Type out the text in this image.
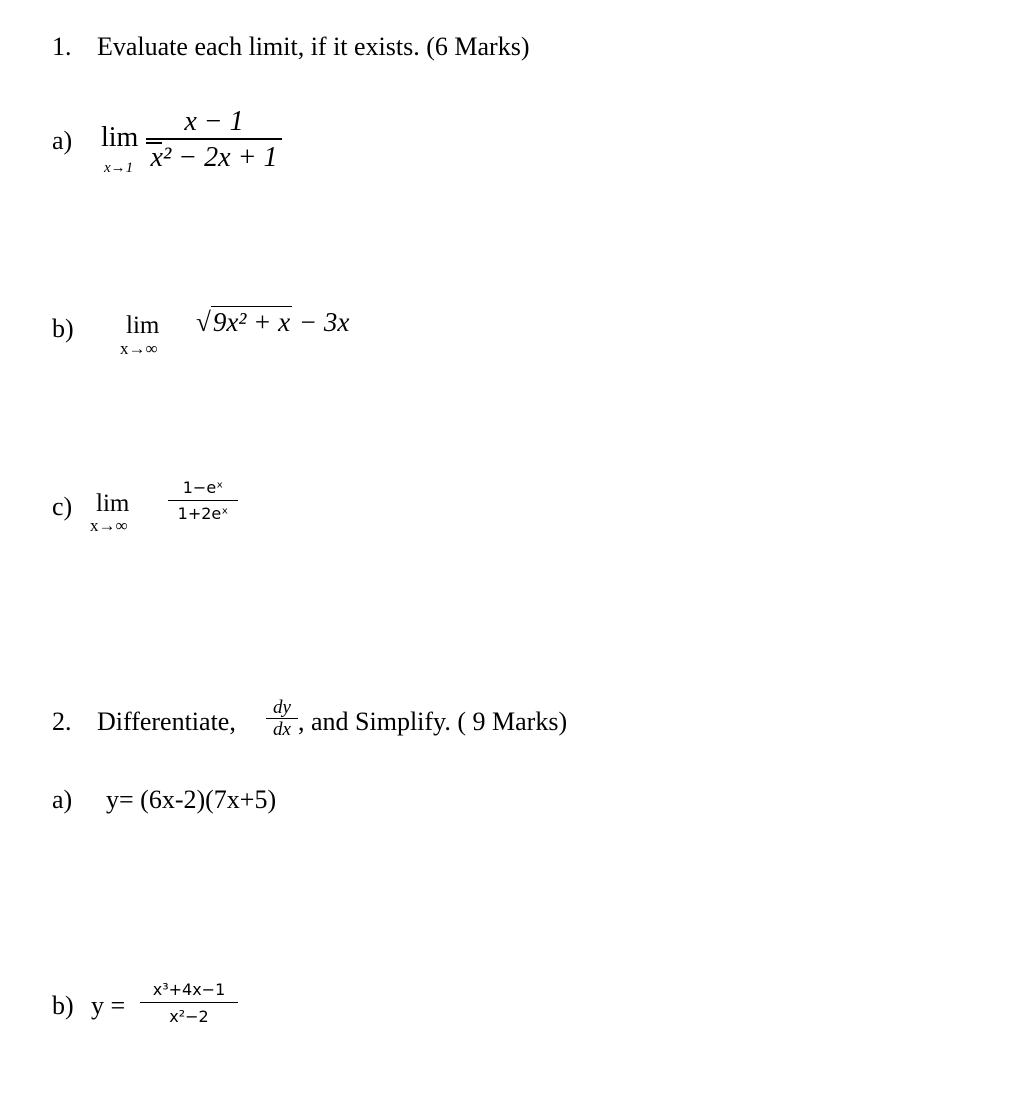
1. Evaluate each limit, if it exists. (6 Marks)
a) lim
x→1
x − 1
x² − 2x + 1
b) lim
x→∞
√9x² + x − 3x
c) lim
x→∞
1−eˣ
1+2eˣ
2. Differentiate, dy
dx , and Simplify. ( 9 Marks)
a) y= (6x-2)(7x+5)
b) y =
x³+4x−1
x²−2
